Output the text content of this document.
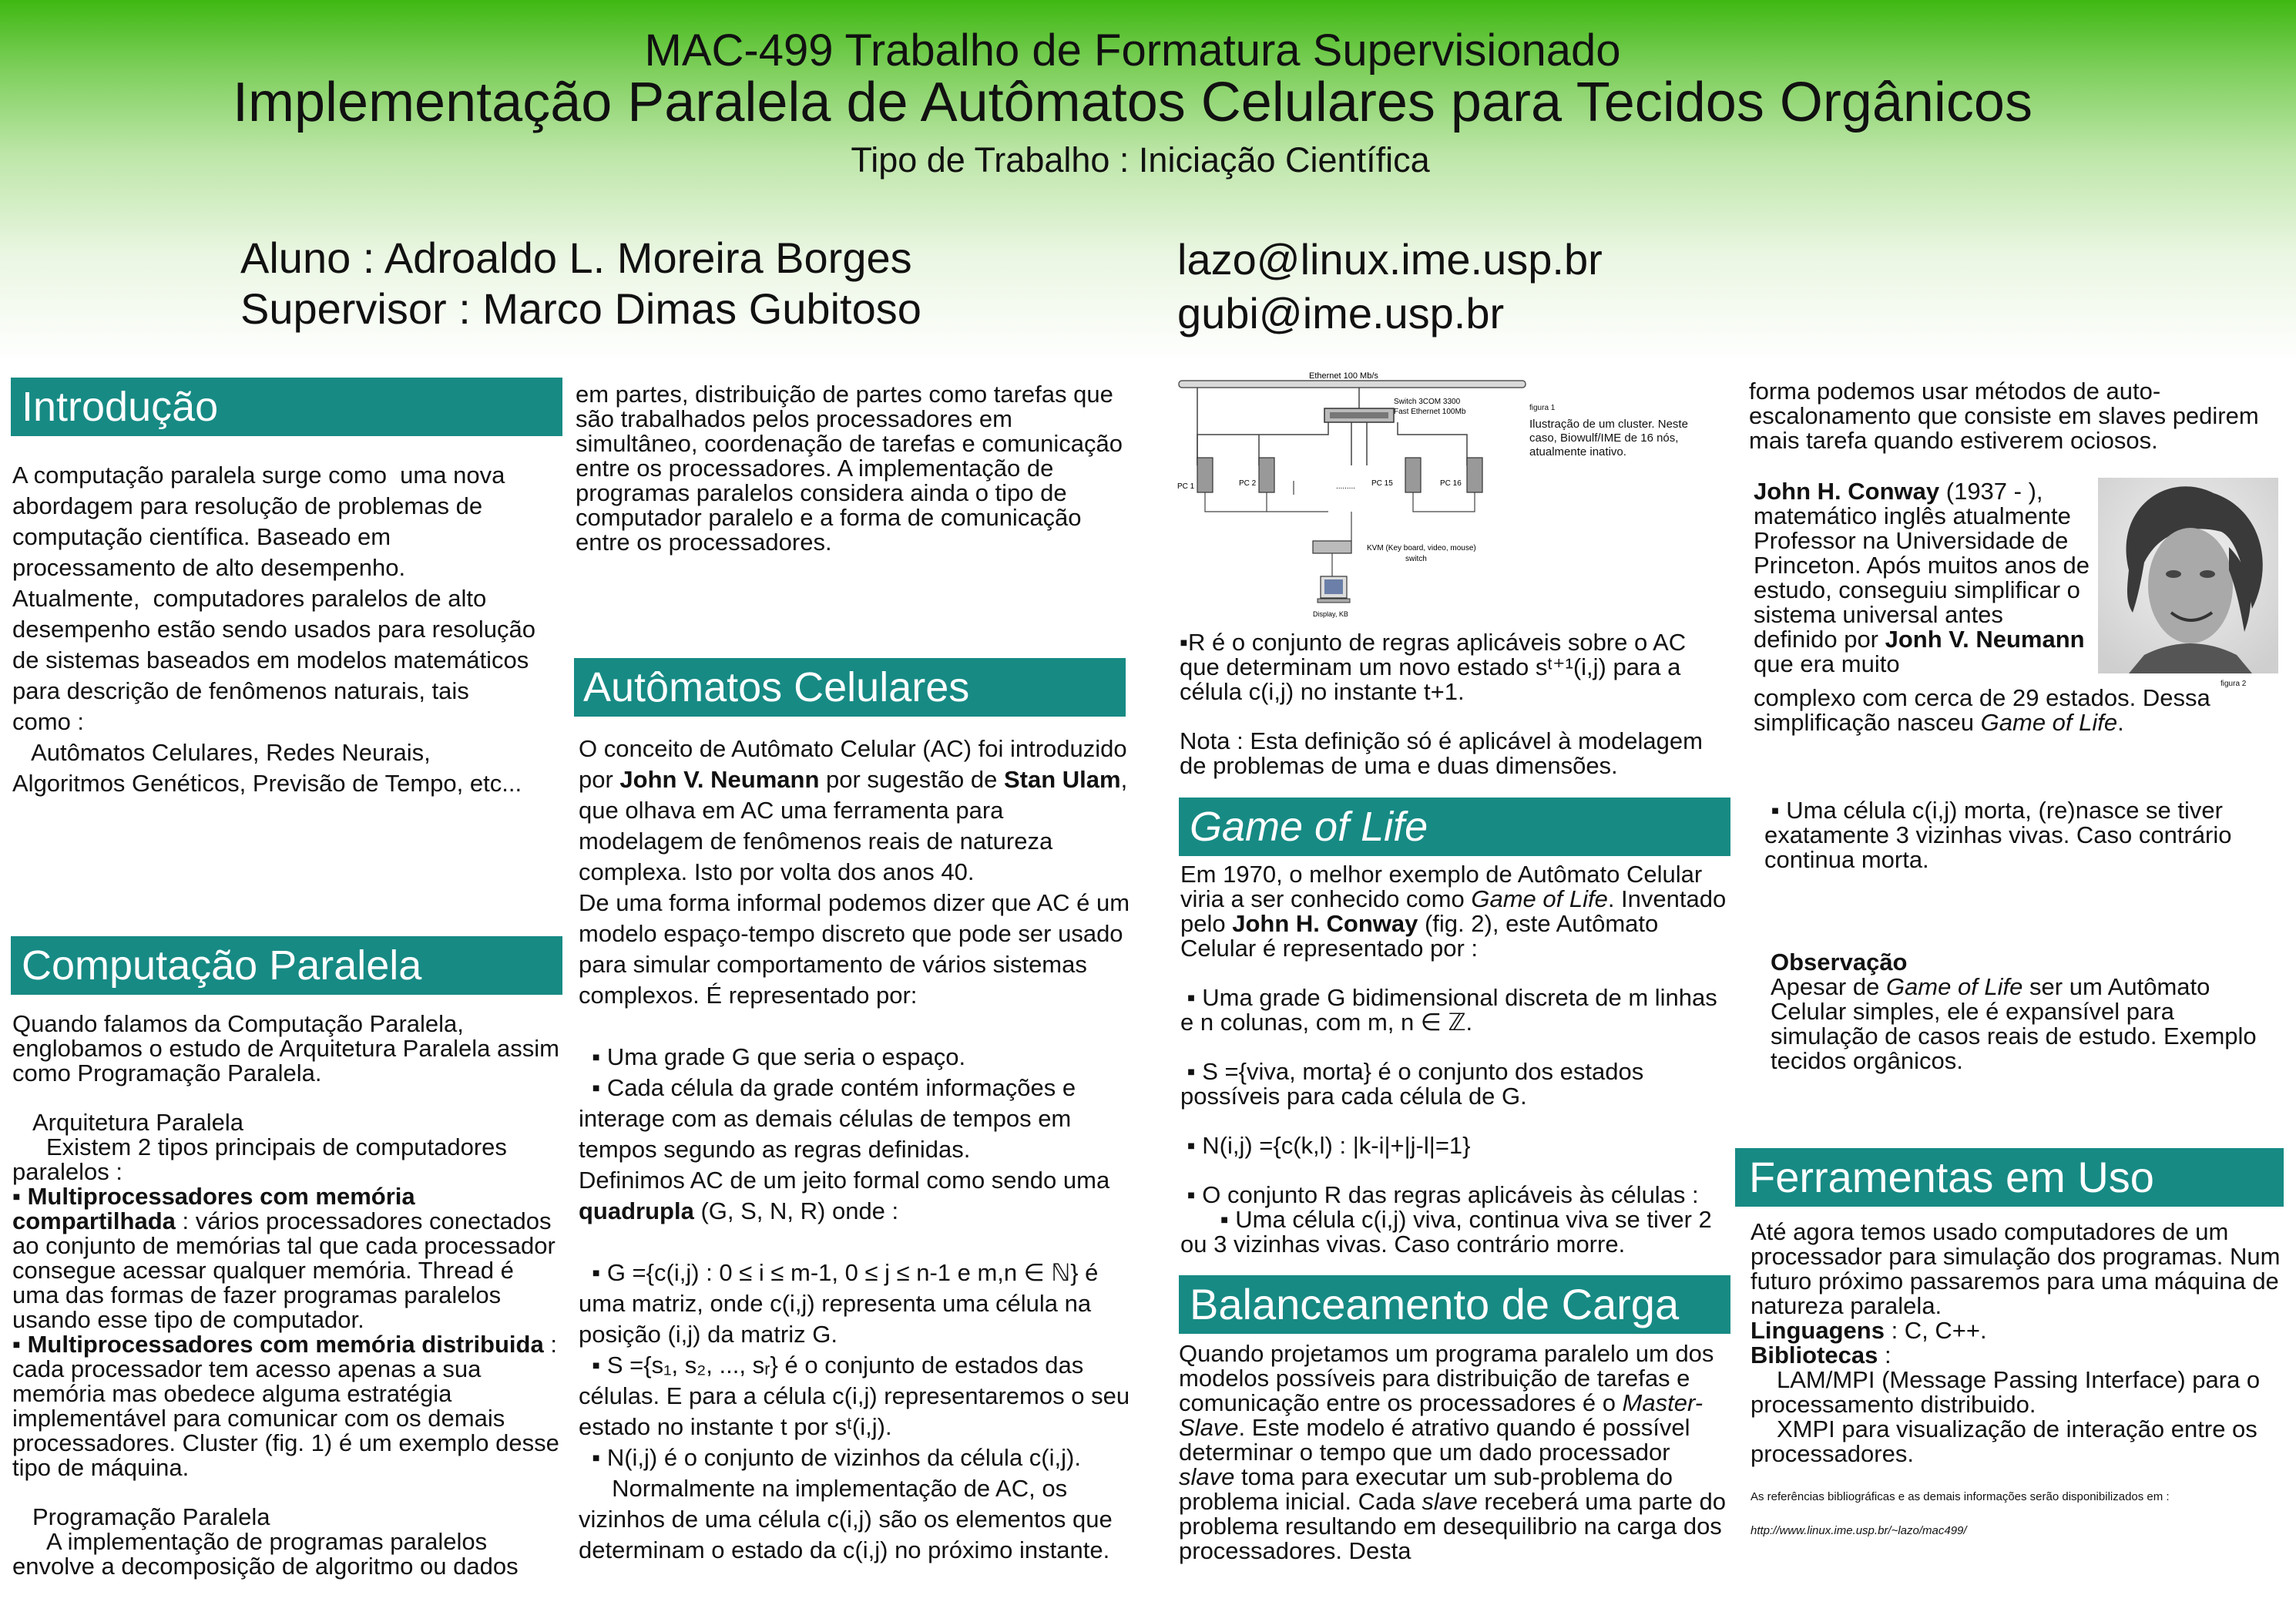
MAC-499 Trabalho de Formatura Supervisionado
Implementação Paralela de Autômatos Celulares para Tecidos Orgânicos
Tipo de Trabalho : Iniciação Científica
Aluno : Adroaldo L. Moreira Borges
Supervisor : Marco Dimas Gubitoso
lazo@linux.ime.usp.br
gubi@ime.usp.br
Introdução
A computação paralela surge como  uma nova
abordagem para resolução de problemas de
computação científica. Baseado em
processamento de alto desempenho.
Atualmente,  computadores paralelos de alto
desempenho estão sendo usados para resolução
de sistemas baseados em modelos matemáticos
para descrição de fenômenos naturais, tais
como :
Autômatos Celulares, Redes Neurais,
Algoritmos Genéticos, Previsão de Tempo, etc...
Computação Paralela

Quando falamos da Computação Paralela, englobamos o estudo de Arquitetura Paralela assim como Programação Paralela.

Arquitetura Paralela

Existem 2 tipos principais de computadores paralelos :

▪ Multiprocessadores com memória compartilhada : vários processadores conectados ao conjunto de memórias tal que cada processador consegue acessar qualquer memória. Thread é uma das formas de fazer programas paralelos usando esse tipo de computador.

▪ Multiprocessadores com memória distribuida : cada processador tem acesso apenas a sua memória mas obedece alguma estratégia implementável para comunicar com os demais processadores. Cluster (fig. 1) é um exemplo desse tipo de máquina.

Programação Paralela

A implementação de programas paralelos envolve a decomposição de algoritmo ou dados

em partes, distribuição de partes como tarefas que são trabalhados pelos processadores em simultâneo, coordenação de tarefas e comunicação entre os processadores. A implementação de programas paralelos considera ainda o tipo de computador paralelo e a forma de comunicação entre os processadores.
Autômatos Celulares

O conceito de Autômato Celular (AC) foi introduzido por John V. Neumann por sugestão de Stan Ulam, que olhava em AC uma ferramenta para modelagem de fenômenos reais de natureza complexa. Isto por volta dos anos 40.

De uma forma informal podemos dizer que AC é um modelo espaço-tempo discreto que pode ser usado para simular comportamento de vários sistemas complexos. É representado por:

▪ Uma grade G que seria o espaço.

▪ Cada célula da grade contém informações e interage com as demais células de tempos em tempos segundo as regras definidas.

Definimos AC de um jeito formal como sendo uma quadrupla (G, S, N, R) onde :

▪ G ={c(i,j) : 0 ≤ i ≤ m-1, 0 ≤ j ≤ n-1 e m,n ∈ ℕ} é uma matriz, onde c(i,j) representa uma célula na posição (i,j) da matriz G.

▪ S ={s₁, s₂, ..., sᵣ} é o conjunto de estados das células. E para a célula c(i,j) representaremos o seu estado no instante t por sᵗ(i,j).

▪ N(i,j) é o conjunto de vizinhos da célula c(i,j).

Normalmente na implementação de AC, os vizinhos de uma célula c(i,j) são os elementos que determinam o estado da c(i,j) no próximo instante.

Ethernet 100 Mb/s
Switch 3COM 3300
Fast Ethernet 100Mb
PC 1	PC 2	......... PC 15	PC 16
KVM (Key board, video, mouse)
switch
Display, KB
figura 1
Ilustração de um cluster. Neste caso, Biowulf/IME de 16 nós, atualmente inativo.

▪R é o conjunto de regras aplicáveis sobre o AC que determinam um novo estado sᵗ⁺¹(i,j) para a célula c(i,j) no instante t+1.

Nota : Esta definição só é aplicável à modelagem de problemas de uma e duas dimensões.

Game of Life

Em 1970, o melhor exemplo de Autômato Celular viria a ser conhecido como Game of Life. Inventado pelo John H. Conway (fig. 2), este Autômato Celular é representado por :

▪ Uma grade G bidimensional discreta de m linhas e n colunas, com m, n ∈ ℤ.

▪ S ={viva, morta} é o conjunto dos estados possíveis para cada célula de G.

▪ N(i,j) ={c(k,l) : |k-i|+|j-l|=1}

▪ O conjunto R das regras aplicáveis às células :

▪ Uma célula c(i,j) viva, continua viva se tiver 2 ou 3 vizinhas vivas. Caso contrário morre.

Balanceamento de Carga
Quando projetamos um programa paralelo um dos modelos possíveis para distribuição de tarefas e comunicação entre os processadores é o Master-Slave. Este modelo é atrativo quando é possível determinar o tempo que um dado processador slave toma para executar um sub-problema do problema inicial. Cada slave receberá uma parte do problema resultando em desequilibrio na carga dos processadores. Desta
forma podemos usar métodos de auto-escalonamento que consiste em slaves pedirem mais tarefa quando estiverem ociosos.
John H. Conway (1937 - ), matemático inglês atualmente Professor na Universidade de Princeton. Após muitos anos de estudo, conseguiu simplificar o sistema universal antes definido por Jonh V. Neumann que era muito
figura 2
complexo com cerca de 29 estados. Dessa simplificação nasceu Game of Life.
▪ Uma célula c(i,j) morta, (re)nasce se tiver exatamente 3 vizinhas vivas. Caso contrário continua morta.

Observação

Apesar de Game of Life ser um Autômato Celular simples, ele é expansível para simulação de casos reais de estudo. Exemplo tecidos orgânicos.

Ferramentas em Uso

Até agora temos usado computadores de um processador para simulação dos programas. Num futuro próximo passaremos para uma máquina de natureza paralela.

Linguagens : C, C++.

Bibliotecas :

LAM/MPI (Message Passing Interface) para o processamento distribuido.

XMPI para visualização de interação entre os processadores.

As referências bibliográficas e as demais informações serão disponibilizados em :
http://www.linux.ime.usp.br/~lazo/mac499/
